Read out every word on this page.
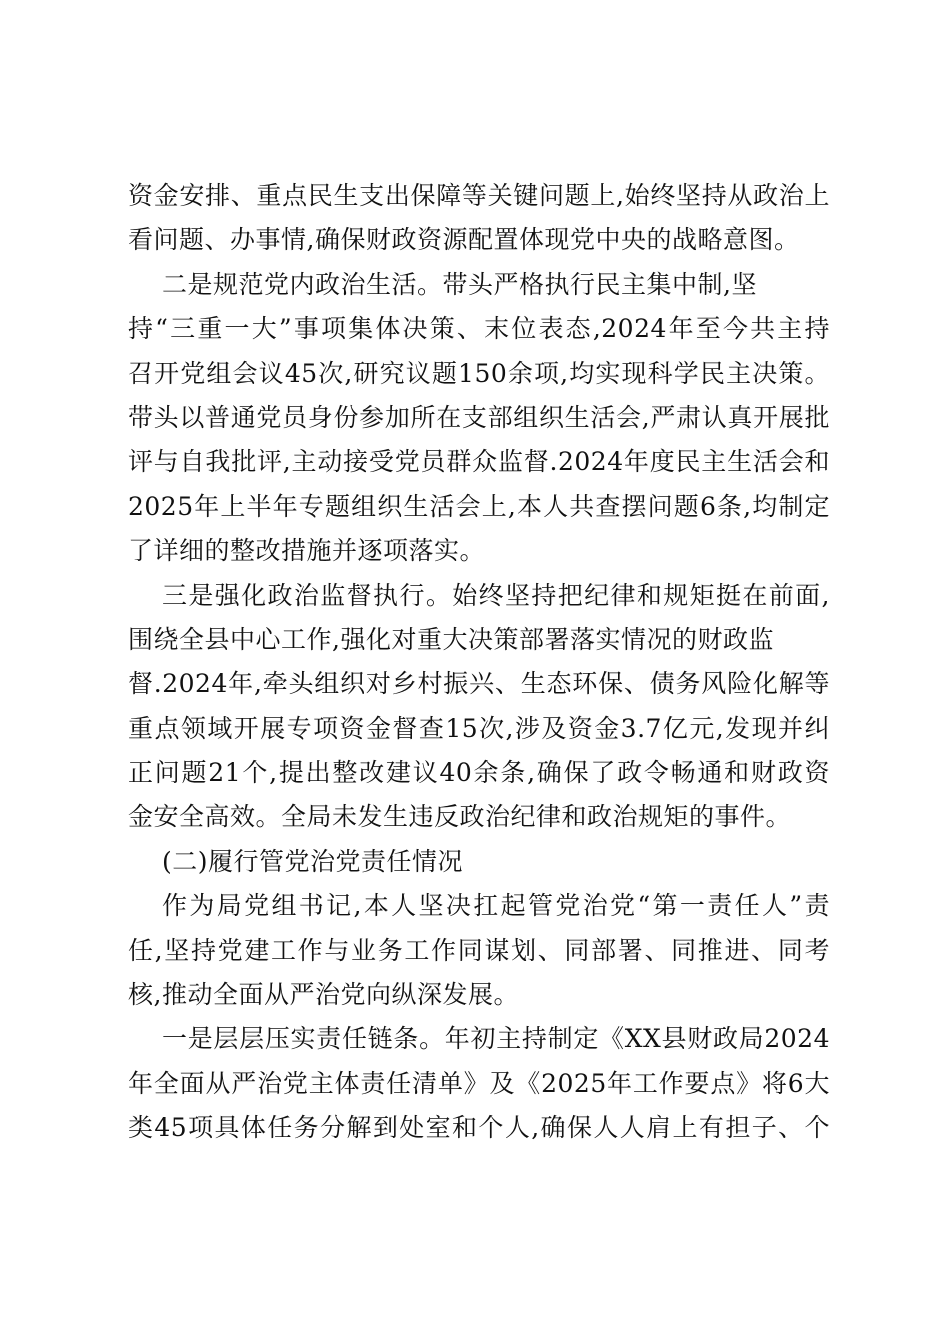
资金安排、重点民生支出保障等关键问题上,始终坚持从政治上
看问题、办事情,确保财政资源配置体现党中央的战略意图。
二是规范党内政治生活。带头严格执行民主集中制,坚
持“三重一大”事项集体决策、末位表态,2024年至今共主持
召开党组会议45次,研究议题150余项,均实现科学民主决策。
带头以普通党员身份参加所在支部组织生活会,严肃认真开展批
评与自我批评,主动接受党员群众监督.2024年度民主生活会和
2025年上半年专题组织生活会上,本人共查摆问题6条,均制定
了详细的整改措施并逐项落实。
三是强化政治监督执行。始终坚持把纪律和规矩挺在前面,
围绕全县中心工作,强化对重大决策部署落实情况的财政监
督.2024年,牵头组织对乡村振兴、生态环保、债务风险化解等
重点领域开展专项资金督查15次,涉及资金3.7亿元,发现并纠
正问题21个,提出整改建议40余条,确保了政令畅通和财政资
金安全高效。全局未发生违反政治纪律和政治规矩的事件。
(二)履行管党治党责任情况
作为局党组书记,本人坚决扛起管党治党“第一责任人”责
任,坚持党建工作与业务工作同谋划、同部署、同推进、同考
核,推动全面从严治党向纵深发展。
一是层层压实责任链条。年初主持制定《XX县财政局2024
年全面从严治党主体责任清单》及《2025年工作要点》将6大
类45项具体任务分解到处室和个人,确保人人肩上有担子、个
